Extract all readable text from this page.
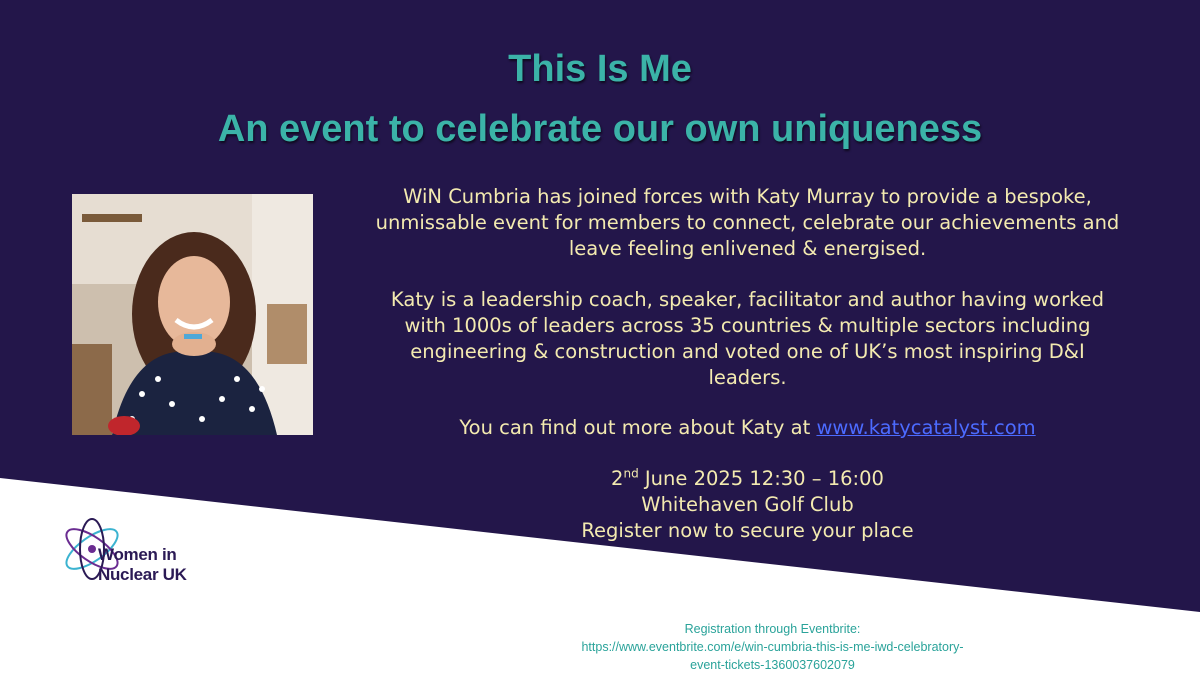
This Is Me
An event to celebrate our own uniqueness
WiN Cumbria has joined forces with Katy Murray to provide a bespoke,
unmissable event for members to connect, celebrate our achievements and
leave feeling enlivened & energised.
Katy is a leadership coach, speaker, facilitator and author having worked
with 1000s of leaders across 35 countries & multiple sectors including
engineering & construction and voted one of UK’s most inspiring D&I
leaders.
You can find out more about Katy at www.katycatalyst.com
2nd June 2025 12:30 – 16:00
Whitehaven Golf Club
Register now to secure your place
Women in
Nuclear UK
Registration through Eventbrite:
https://www.eventbrite.com/e/win-cumbria-this-is-me-iwd-celebratory-
event-tickets-1360037602079
